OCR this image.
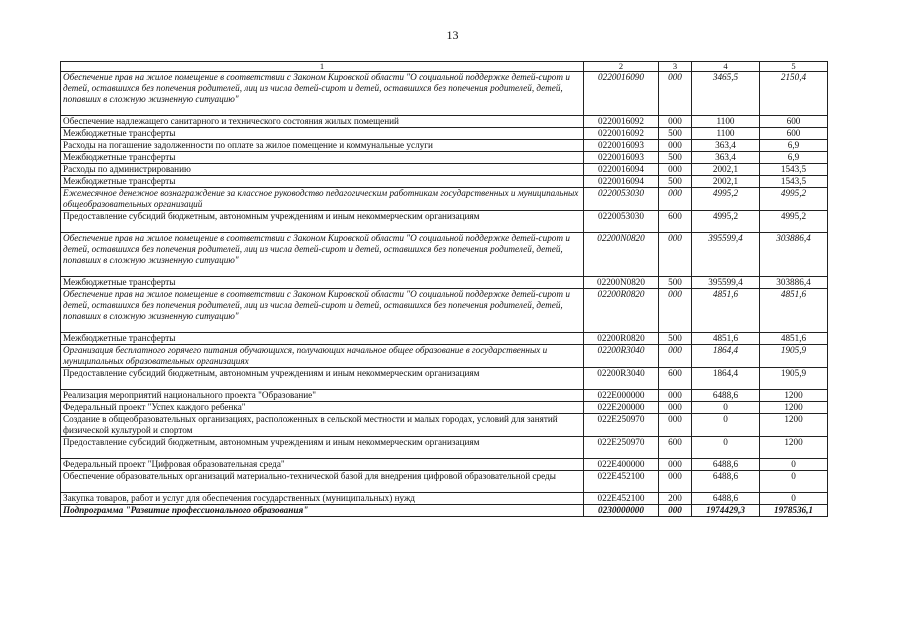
13
1	2	3	4	5
Обеспечение прав на жилое помещение в соответствии с Законом Кировской области "О социальной поддержке детей-сирот и детей, оставшихся без попечения родителей, лиц из числа детей-сирот и детей, оставшихся без попечения родителей, детей, попавших в сложную жизненную ситуацию"	0220016090	000	3465,5	2150,4
Обеспечение надлежащего санитарного и технического состояния жилых помещений	0220016092	000	1100	600
Межбюджетные трансферты	0220016092	500	1100	600
Расходы на погашение задолженности по оплате за жилое помещение и коммунальные услуги	0220016093	000	363,4	6,9
Межбюджетные трансферты	0220016093	500	363,4	6,9
Расходы по администрированию	0220016094	000	2002,1	1543,5
Межбюджетные трансферты	0220016094	500	2002,1	1543,5
Ежемесячное денежное вознаграждение за классное руководство педагогическим работникам государственных и муниципальных общеобразовательных организаций	0220053030	000	4995,2	4995,2
Предоставление субсидий бюджетным, автономным учреждениям и иным некоммерческим организациям	0220053030	600	4995,2	4995,2
Обеспечение прав на жилое помещение в соответствии с Законом Кировской области "О социальной поддержке детей-сирот и детей, оставшихся без попечения родителей, лиц из числа детей-сирот и детей, оставшихся без попечения родителей, детей, попавших в сложную жизненную ситуацию"	02200N0820	000	395599,4	303886,4
Межбюджетные трансферты	02200N0820	500	395599,4	303886,4
Обеспечение прав на жилое помещение в соответствии с Законом Кировской области "О социальной поддержке детей-сирот и детей, оставшихся без попечения родителей, лиц из числа детей-сирот и детей, оставшихся без попечения родителей, детей, попавших в сложную жизненную ситуацию"	02200R0820	000	4851,6	4851,6
Межбюджетные трансферты	02200R0820	500	4851,6	4851,6
Организация бесплатного горячего питания обучающихся, получающих начальное общее образование в государственных и муниципальных образовательных организациях	02200R3040	000	1864,4	1905,9
Предоставление субсидий бюджетным, автономным учреждениям и иным некоммерческим организациям	02200R3040	600	1864,4	1905,9
Реализация мероприятий национального проекта "Образование"	022E000000	000	6488,6	1200
Федеральный проект "Успех каждого ребенка"	022E200000	000	0	1200
Создание в общеобразовательных организациях, расположенных в сельской местности и малых городах, условий для занятий физической культурой и спортом	022E250970	000	0	1200
Предоставление субсидий бюджетным, автономным учреждениям и иным некоммерческим организациям	022E250970	600	0	1200
Федеральный проект "Цифровая образовательная среда"	022E400000	000	6488,6	0
Обеспечение образовательных организаций материально-технической базой для внедрения цифровой образовательной среды	022E452100	000	6488,6	0
Закупка товаров, работ и услуг для обеспечения государственных (муниципальных) нужд	022E452100	200	6488,6	0
Подпрограмма "Развитие профессионального образования"	0230000000	000	1974429,3	1978536,1
